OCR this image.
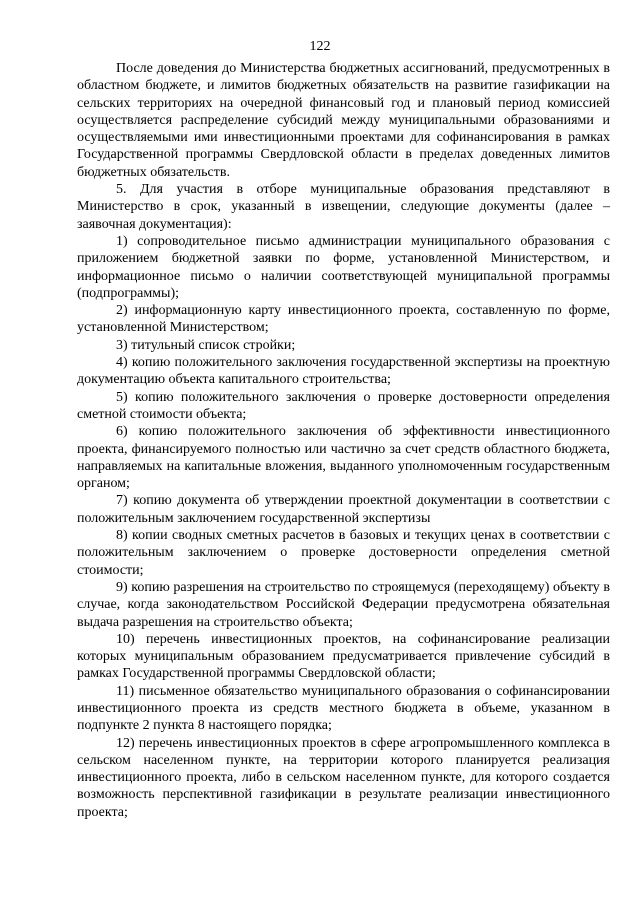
122

После доведения до Министерства бюджетных ассигнований, предусмотренных в областном бюджете, и лимитов бюджетных обязательств на развитие газификации на сельских территориях на очередной финансовый год и плановый период комиссией осуществляется распределение субсидий между муниципальными образованиями и осуществляемыми ими инвестиционными проектами для софинансирования в рамках Государственной программы Свердловской области в пределах доведенных лимитов бюджетных обязательств.

5. Для участия в отборе муниципальные образования представляют в Министерство в срок, указанный в извещении, следующие документы (далее – заявочная документация):

1) сопроводительное письмо администрации муниципального образования с приложением бюджетной заявки по форме, установленной Министерством, и информационное письмо о наличии соответствующей муниципальной программы (подпрограммы);

2) информационную карту инвестиционного проекта, составленную по форме, установленной Министерством;

3) титульный список стройки;

4) копию положительного заключения государственной экспертизы на проектную документацию объекта капитального строительства;

5) копию положительного заключения о проверке достоверности определения сметной стоимости объекта;

6) копию положительного заключения об эффективности инвестиционного проекта, финансируемого полностью или частично за счет средств областного бюджета, направляемых на капитальные вложения, выданного уполномоченным государственным органом;

7) копию документа об утверждении проектной документации в соответствии с положительным заключением государственной экспертизы

8) копии сводных сметных расчетов в базовых и текущих ценах в соответствии с положительным заключением о проверке достоверности определения сметной стоимости;

9) копию разрешения на строительство по строящемуся (переходящему) объекту в случае, когда законодательством Российской Федерации предусмотрена обязательная выдача разрешения на строительство объекта;

10) перечень инвестиционных проектов, на софинансирование реализации которых муниципальным образованием предусматривается привлечение субсидий в рамках Государственной программы Свердловской области;

11) письменное обязательство муниципального образования о софинансировании инвестиционного проекта из средств местного бюджета в объеме, указанном в подпункте 2 пункта 8 настоящего порядка;

12) перечень инвестиционных проектов в сфере агропромышленного комплекса в сельском населенном пункте, на территории которого планируется реализация инвестиционного проекта, либо в сельском населенном пункте, для которого создается возможность перспективной газификации в результате реализации инвестиционного проекта;
